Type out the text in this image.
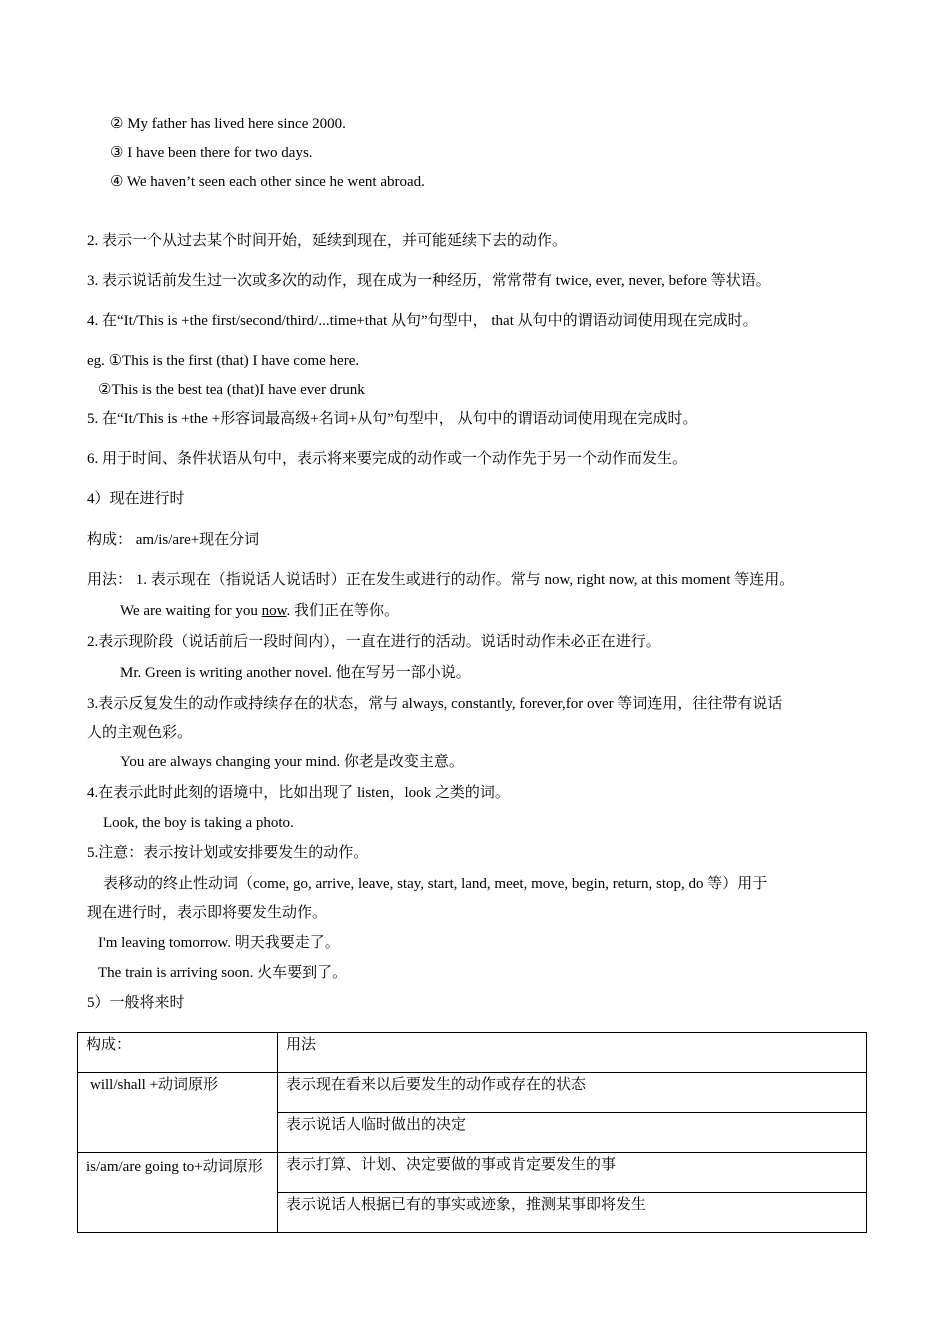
② My father has lived here since 2000.
③ I have been there for two days.
④ We haven’t seen each other since he went abroad.
2. 表示一个从过去某个时间开始，延续到现在，并可能延续下去的动作。
3. 表示说话前发生过一次或多次的动作，现在成为一种经历，常常带有 twice, ever, never, before 等状语。
4. 在“It/This is +the first/second/third/...time+that 从句”句型中， that 从句中的谓语动词使用现在完成时。
eg. ①This is the first (that) I have come here.
②This is the best tea (that)I have ever drunk
5. 在“It/This is +the +形容词最高级+名词+从句”句型中， 从句中的谓语动词使用现在完成时。
6. 用于时间、条件状语从句中，表示将来要完成的动作或一个动作先于另一个动作而发生。
4）现在进行时
构成： am/is/are+现在分词
用法： 1. 表示现在（指说话人说话时）正在发生或进行的动作。常与 now, right now, at this moment 等连用。
We are waiting for you now. 我们正在等你。
2.表示现阶段（说话前后一段时间内），一直在进行的活动。说话时动作未必正在进行。
Mr. Green is writing another novel. 他在写另一部小说。
3.表示反复发生的动作或持续存在的状态，常与 always, constantly, forever,for over 等词连用，往往带有说话
人的主观色彩。
You are always changing your mind. 你老是改变主意。
4.在表示此时此刻的语境中，比如出现了 listen，look 之类的词。
Look, the boy is taking a photo.
5.注意：表示按计划或安排要发生的动作。
表移动的终止性动词（come, go, arrive, leave, stay, start, land, meet, move, begin, return, stop, do 等）用于
现在进行时，表示即将要发生动作。
I'm leaving tomorrow. 明天我要走了。
The train is arriving soon. 火车要到了。
5）一般将来时
构成：	用法
will/shall +动词原形	表示现在看来以后要发生的动作或存在的状态
	表示说话人临时做出的决定
is/am/are going to+动词原形	表示打算、计划、决定要做的事或肯定要发生的事
	表示说话人根据已有的事实或迹象，推测某事即将发生
